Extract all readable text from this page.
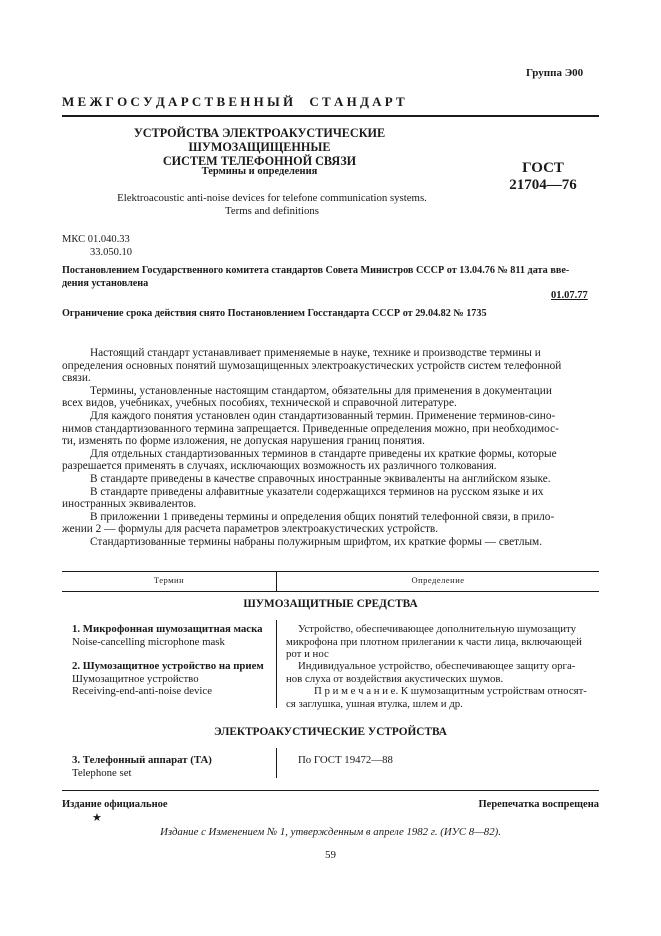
Группа Э00
М Е Ж Г О С У Д А Р С Т В Е Н Н Ы Й     С Т А Н Д А Р Т
УСТРОЙСТВА ЭЛЕКТРОАКУСТИЧЕСКИЕ ШУМОЗАЩИЩЕННЫЕ
СИСТЕМ ТЕЛЕФОННОЙ СВЯЗИ
Термины и определения
Elektroacoustic anti-noise devices for telefone communication systems.
Terms and definitions
ГОСТ
21704—76
МКС 01.040.33
33.050.10
Постановлением Государственного комитета стандартов Совета Министров СССР от 13.04.76 № 811 дата вве-
дения установлена
01.07.77
Ограничение срока действия снято Постановлением Госстандарта СССР от 29.04.82 № 1735
Настоящий стандарт устанавливает применяемые в науке, технике и производстве термины и
определения основных понятий шумозащищенных электроакустических устройств систем телефонной
связи.
Термины, установленные настоящим стандартом, обязательны для применения в документации
всех видов, учебниках, учебных пособиях, технической и справочной литературе.
Для каждого понятия установлен один стандартизованный термин. Применение терминов-сино-
нимов стандартизованного термина запрещается. Приведенные определения можно, при необходимос-
ти, изменять по форме изложения, не допуская нарушения границ понятия.
Для отдельных стандартизованных терминов в стандарте приведены их краткие формы, которые
разрешается применять в случаях, исключающих возможность их различного толкования.
В стандарте приведены в качестве справочных иностранные эквиваленты на английском языке.
В стандарте приведены алфавитные указатели содержащихся терминов на русском языке и их
иностранных эквивалентов.
В приложении 1 приведены термины и определения общих понятий телефонной связи, в прило-
жении 2 — формулы для расчета параметров электроакустических устройств.
Стандартизованные термины набраны полужирным шрифтом, их краткие формы — светлым.
Термин	Определение
ШУМОЗАЩИТНЫЕ СРЕДСТВА
1. Микрофонная шумозащитная маска
Noise-cancelling microphone mask
Устройство, обеспечивающее дополнительную шумозащиту
микрофона при плотном прилегании к части лица, включающей
рот и нос
2. Шумозащитное устройство на прием
Шумозащитное устройство
Receiving-end-anti-noise device
Индивидуальное устройство, обеспечивающее защиту орга-
нов слуха от воздействия акустических шумов.
П р и м е ч а н и е. К шумозащитным устройствам относят-
ся заглушка, ушная втулка, шлем и др.
ЭЛЕКТРОАКУСТИЧЕСКИЕ УСТРОЙСТВА
3. Телефонный аппарат (ТА)
Telephone set
По ГОСТ 19472—88
Издание официальное
★
Перепечатка воспрещена
Издание с Изменением № 1, утвержденным в апреле 1982 г. (ИУС 8—82).
59
